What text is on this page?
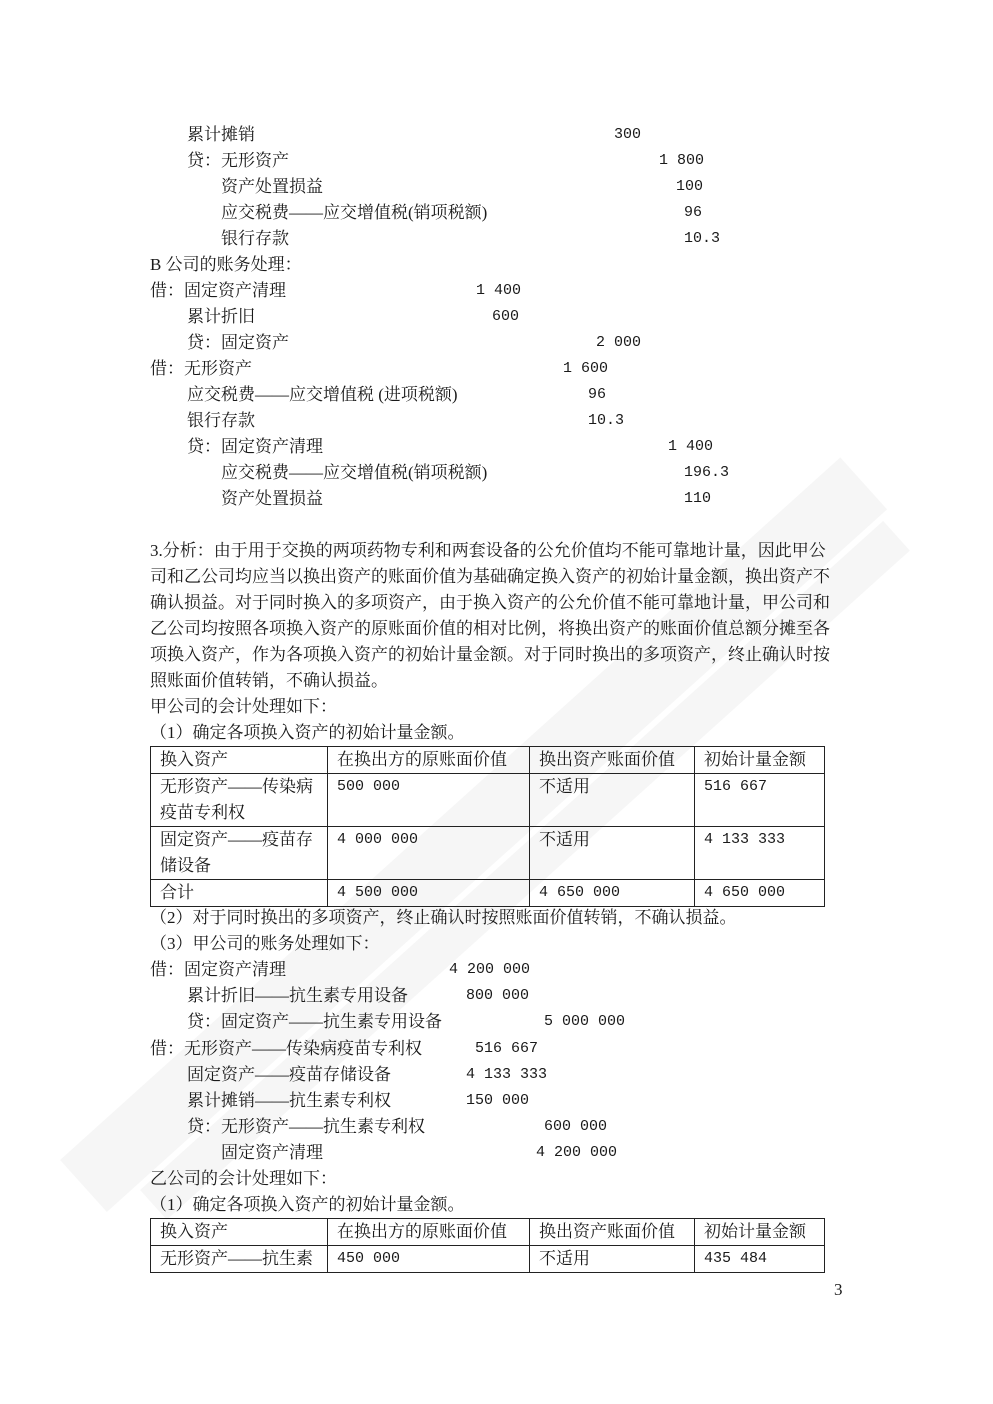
累计摊销	300
贷：无形资产	1 800
资产处置损益	100
应交税费——应交增值税(销项税额)	96
银行存款	10.3
B 公司的账务处理：
借：固定资产清理	1 400
累计折旧	600
贷：固定资产	2 000
借：无形资产	1 600
应交税费——应交增值税 (进项税额)	96
银行存款	10.3
贷：固定资产清理	1 400
应交税费——应交增值税(销项税额)	196.3
资产处置损益	110
3.分析：由于用于交换的两项药物专利和两套设备的公允价值均不能可靠地计量，因此甲公
司和乙公司均应当以换出资产的账面价值为基础确定换入资产的初始计量金额，换出资产不
确认损益。对于同时换入的多项资产，由于换入资产的公允价值不能可靠地计量，甲公司和
乙公司均按照各项换入资产的原账面价值的相对比例，将换出资产的账面价值总额分摊至各
项换入资产，作为各项换入资产的初始计量金额。对于同时换出的多项资产，终止确认时按
照账面价值转销，不确认损益。
甲公司的会计处理如下：
（1）确定各项换入资产的初始计量金额。
换入资产	在换出方的原账面价值	换出资产账面价值	初始计量金额

无形资产——传染病疫苗专利权	500 000	不适用	516 667

固定资产——疫苗存储设备	4 000 000	不适用	4 133 333
合计	4 500 000	4 650 000	4 650 000
（2）对于同时换出的多项资产，终止确认时按照账面价值转销，不确认损益。
（3）甲公司的账务处理如下：
借：固定资产清理	4 200 000
累计折旧——抗生素专用设备	800 000
贷：固定资产——抗生素专用设备	5 000 000
借：无形资产——传染病疫苗专利权	516 667
固定资产——疫苗存储设备	4 133 333
累计摊销——抗生素专利权	150 000
贷：无形资产——抗生素专利权	600 000
固定资产清理	4 200 000
乙公司的会计处理如下：
（1）确定各项换入资产的初始计量金额。
换入资产	在换出方的原账面价值	换出资产账面价值	初始计量金额

无形资产——抗生素	450 000	不适用	435 484
3
